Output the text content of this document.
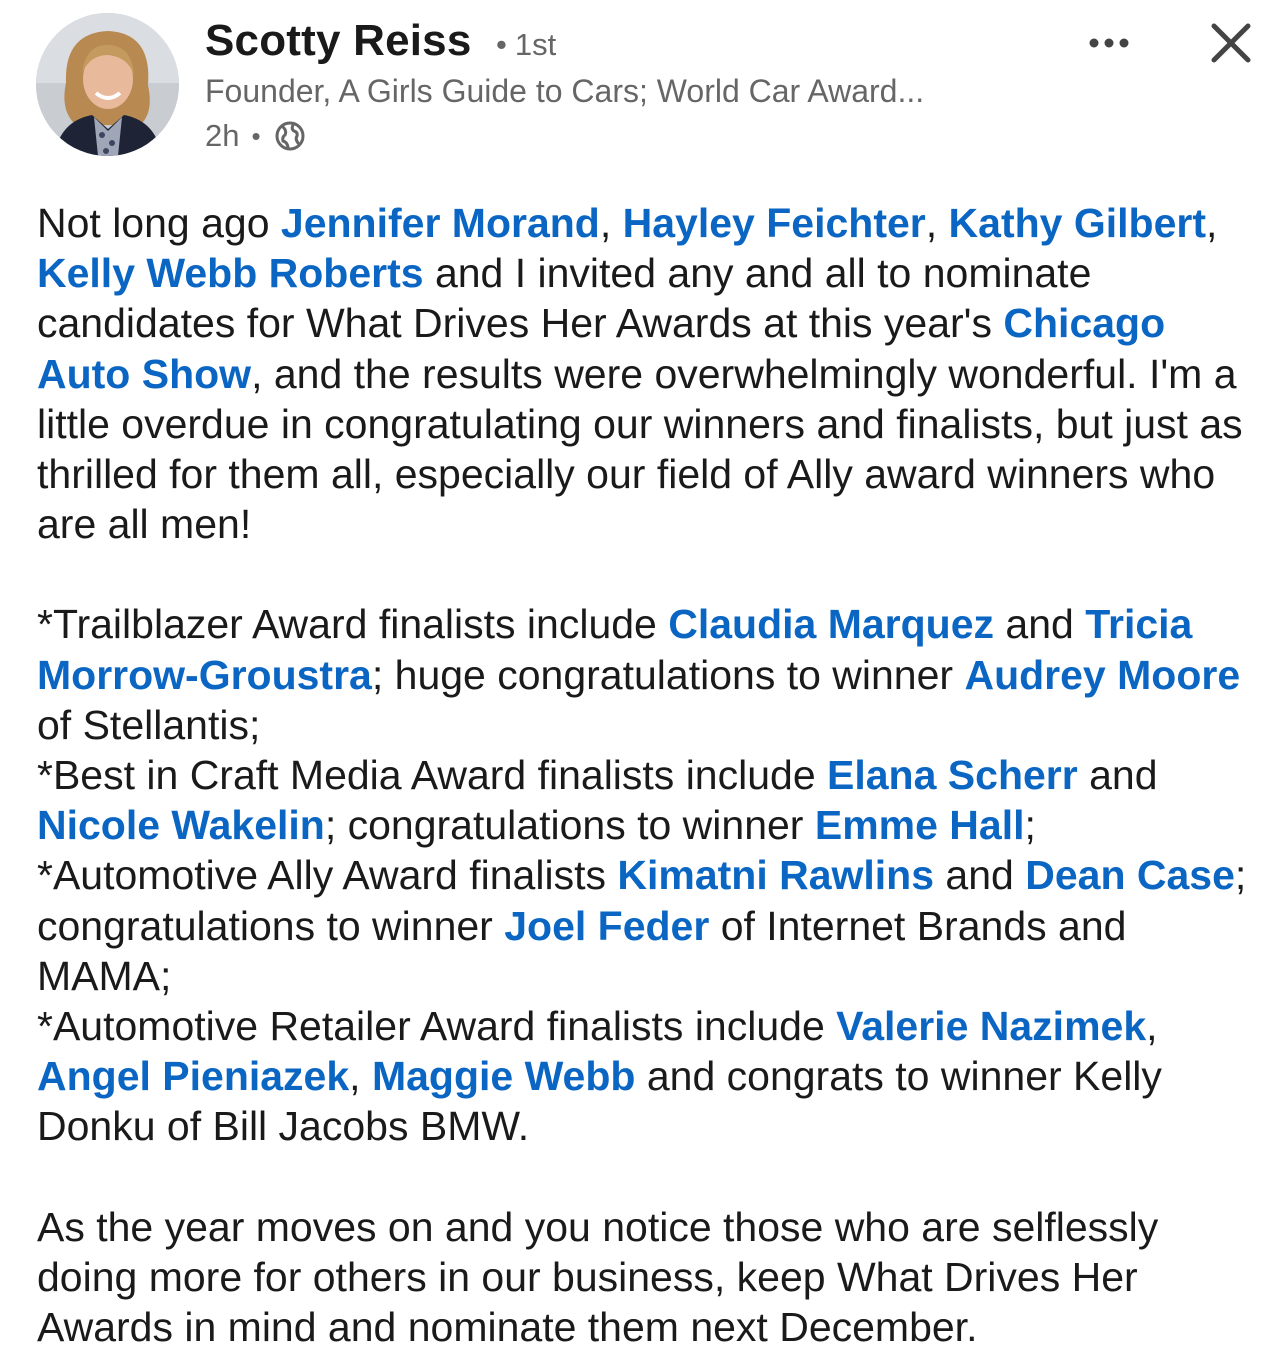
Scotty Reiss • 1st
Founder, A Girls Guide to Cars; World Car Award...
2h •

Not long ago Jennifer Morand, Hayley Feichter, Kathy Gilbert, Kelly Webb Roberts and I invited any and all to nominate candidates for What Drives Her Awards at this year's Chicago Auto Show, and the results were overwhelmingly wonderful. I'm a little overdue in congratulating our winners and finalists, but just as thrilled for them all, especially our field of Ally award winners who are all men!

*Trailblazer Award finalists include Claudia Marquez and Tricia Morrow-Groustra; huge congratulations to winner Audrey Moore of Stellantis;
*Best in Craft Media Award finalists include Elana Scherr and Nicole Wakelin; congratulations to winner Emme Hall;
*Automotive Ally Award finalists Kimatni Rawlins and Dean Case; congratulations to winner Joel Feder of Internet Brands and MAMA;
*Automotive Retailer Award finalists include Valerie Nazimek, Angel Pieniazek, Maggie Webb and congrats to winner Kelly Donku of Bill Jacobs BMW.

As the year moves on and you notice those who are selflessly doing more for others in our business, keep What Drives Her Awards in mind and nominate them next December.
